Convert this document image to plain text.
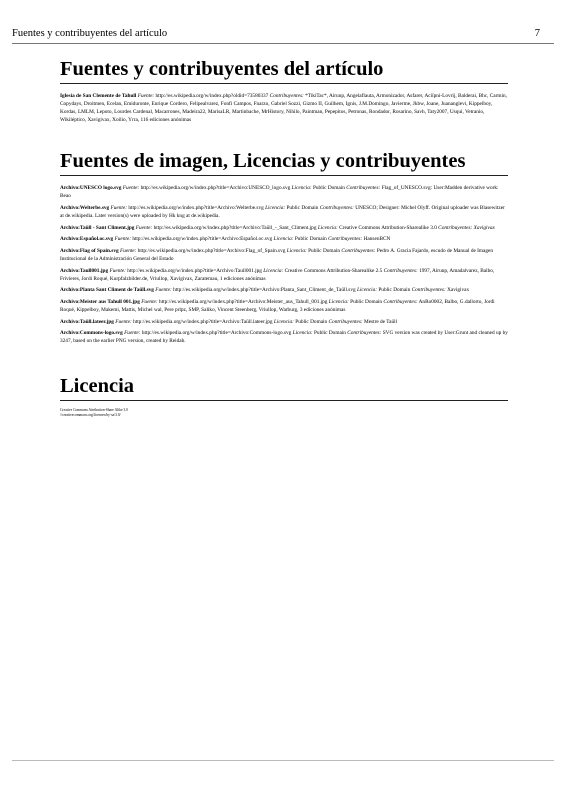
Fuentes y contribuyentes del artículo	7
Fuentes y contribuyentes del artículo

Iglesia de San Clemente de Tahull Fuente: http://es.wikipedia.org/w/index.php?oldid=73580337 Contribuyentes: *TikiTac*, Airunp, Angelaflauta, Armonizador, Asfarer, Aciïpni-Lovrij, Balderai, Bhc, Carmin, Copydays, Droitmen, Ecelan, Emiduronte, Enrique Cordero, Felipealvarez, Fonfi Campos, Fnarzo, Gabriel Sozzi, Gizmo II, Guilhem, Ignis, J.M.Domingo, Javierme, Jkbw, Joane, Juananglevi, Kippelboy, Kordas, LMLM, Lepoto, Lourdes Cardenal, Macarrones, Madeira22, MarisaLR, Martinbache, MrHistory, Nihilo, Paintman, Pepepitos, Petronas, Rondador, Rosarino, Savh, Taty2007, Usqui, Vetranio, Wikiléptico, Xavigivax, Xoilio, Yrra, 116 ediciones anónimas

Fuentes de imagen, Licencias y contribuyentes

Archivo:UNESCO logo.svg Fuente: http://es.wikipedia.org/w/index.php?title=Archivo:UNESCO_logo.svg Licencia: Public Domain Contribuyentes: Flag_of_UNESCO.svg: User:Madden derivative work: Beao

Archivo:Welterbe.svg Fuente: http://es.wikipedia.org/w/index.php?title=Archivo:Welterbe.svg Licencia: Public Domain Contribuyentes: UNESCO; Designer: Michel Olyff. Original uploader was Blasewitzer at de.wikipedia. Later version(s) were uploaded by Hk kng at de.wikipedia.

Archivo:Taüll - Sant Climent.jpg Fuente: http://es.wikipedia.org/w/index.php?title=Archivo:Taüll_-_Sant_Climent.jpg Licencia: Creative Commons Attribution-Sharealike 3.0 Contribuyentes: Xavigivax

Archivo:Español.oc.svg Fuente: http://es.wikipedia.org/w/index.php?title=Archivo:Español.oc.svg Licencia: Public Domain Contribuyentes: HansenBCN

Archivo:Flag of Spain.svg Fuente: http://es.wikipedia.org/w/index.php?title=Archivo:Flag_of_Spain.svg Licencia: Public Domain Contribuyentes: Pedro A. Gracia Fajardo, escudo de Manual de Imagen Institucional de la Administración General del Estado

Archivo:Taull001.jpg Fuente: http://es.wikipedia.org/w/index.php?title=Archivo:Taull001.jpg Licencia: Creative Commons Attribution-Sharealike 2.5 Contribuyentes: 1997, Airunp, Amadalvarez, Balbo, Frivieres, Jordi Roqué, Kurpfalzbilder.de, Vriullop, Xavigivax, Zaratemau, 1 ediciones anónimas

Archivo:Planta Sant Climent de Taüll.svg Fuente: http://es.wikipedia.org/w/index.php?title=Archivo:Planta_Sant_Climent_de_Taüll.svg Licencia: Public Domain Contribuyentes: Xavigivax

Archivo:Meister aus Tahull 001.jpg Fuente: http://es.wikipedia.org/w/index.php?title=Archivo:Meister_aus_Tahull_001.jpg Licencia: Public Domain Contribuyentes: AnRo0002, Balbo, G.dallorto, Jordi Roqué, Kippelboy, Makemi, Mattis, Michel wal, Pere prlpz, SMP, Saliko, Vincent Steenberg, Vriullop, Warburg, 3 ediciones anónimas

Archivo:Taüll.lateer.jpg Fuente: http://es.wikipedia.org/w/index.php?title=Archivo:Taüll.lateer.jpg Licencia: Public Domain Contribuyentes: Mestre de Taüll

Archivo:Commons-logo.svg Fuente: http://es.wikipedia.org/w/index.php?title=Archivo:Commons-logo.svg Licencia: Public Domain Contribuyentes: SVG version was created by User:Grunt and cleaned up by 3247, based on the earlier PNG version, created by Reidab.

Licencia
Creative Commons Attribution-Share Alike 3.0
//creativecommons.org/licenses/by-sa/3.0/
